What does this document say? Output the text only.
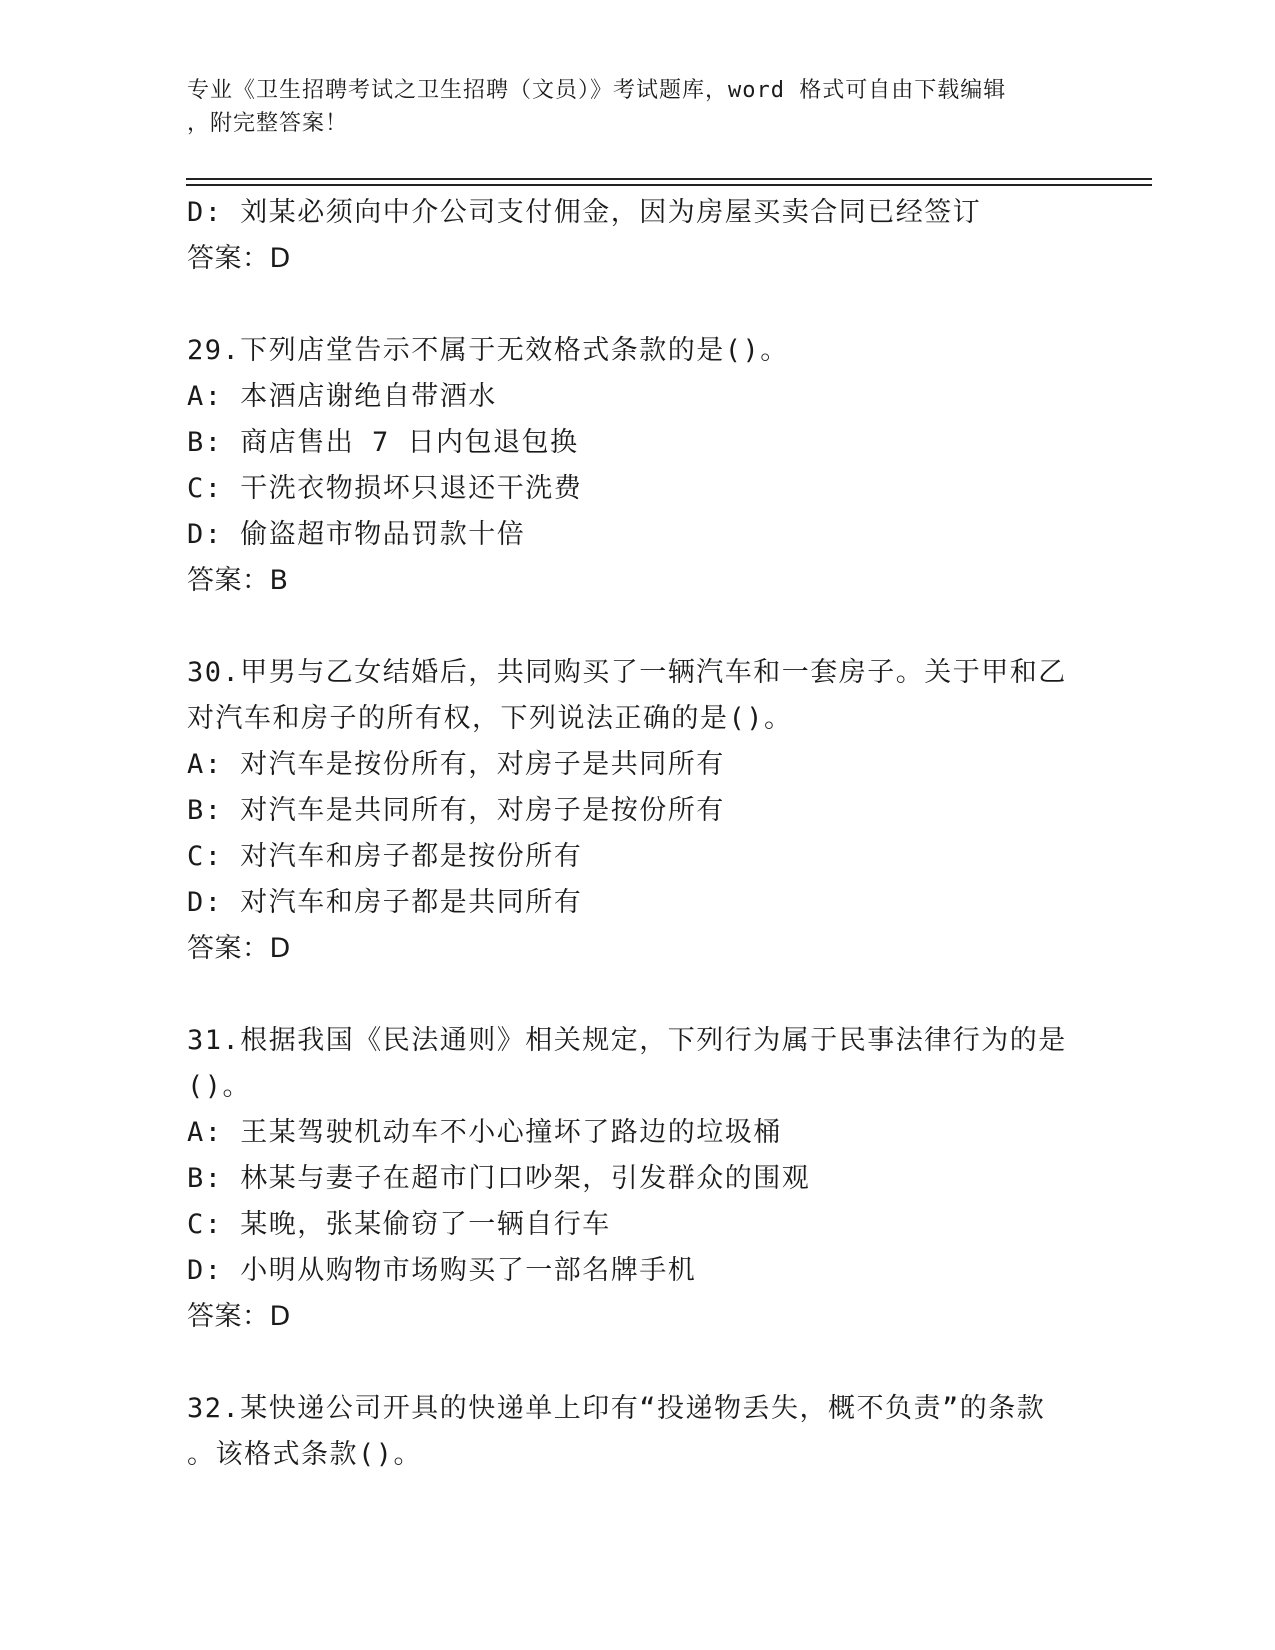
专业《卫生招聘考试之卫生招聘（文员）》考试题库，word 格式可自由下载编辑
，附完整答案！
D: 刘某必须向中介公司支付佣金，因为房屋买卖合同已经签订
答案：D
29.下列店堂告示不属于无效格式条款的是()。
A: 本酒店谢绝自带酒水
B: 商店售出 7 日内包退包换
C: 干洗衣物损坏只退还干洗费
D: 偷盗超市物品罚款十倍
答案：B
30.甲男与乙女结婚后，共同购买了一辆汽车和一套房子。关于甲和乙
对汽车和房子的所有权，下列说法正确的是()。
A: 对汽车是按份所有，对房子是共同所有
B: 对汽车是共同所有，对房子是按份所有
C: 对汽车和房子都是按份所有
D: 对汽车和房子都是共同所有
答案：D
31.根据我国《民法通则》相关规定，下列行为属于民事法律行为的是
()。
A: 王某驾驶机动车不小心撞坏了路边的垃圾桶
B: 林某与妻子在超市门口吵架，引发群众的围观
C: 某晚，张某偷窃了一辆自行车
D: 小明从购物市场购买了一部名牌手机
答案：D
32.某快递公司开具的快递单上印有“投递物丢失，概不负责”的条款
。该格式条款()。
